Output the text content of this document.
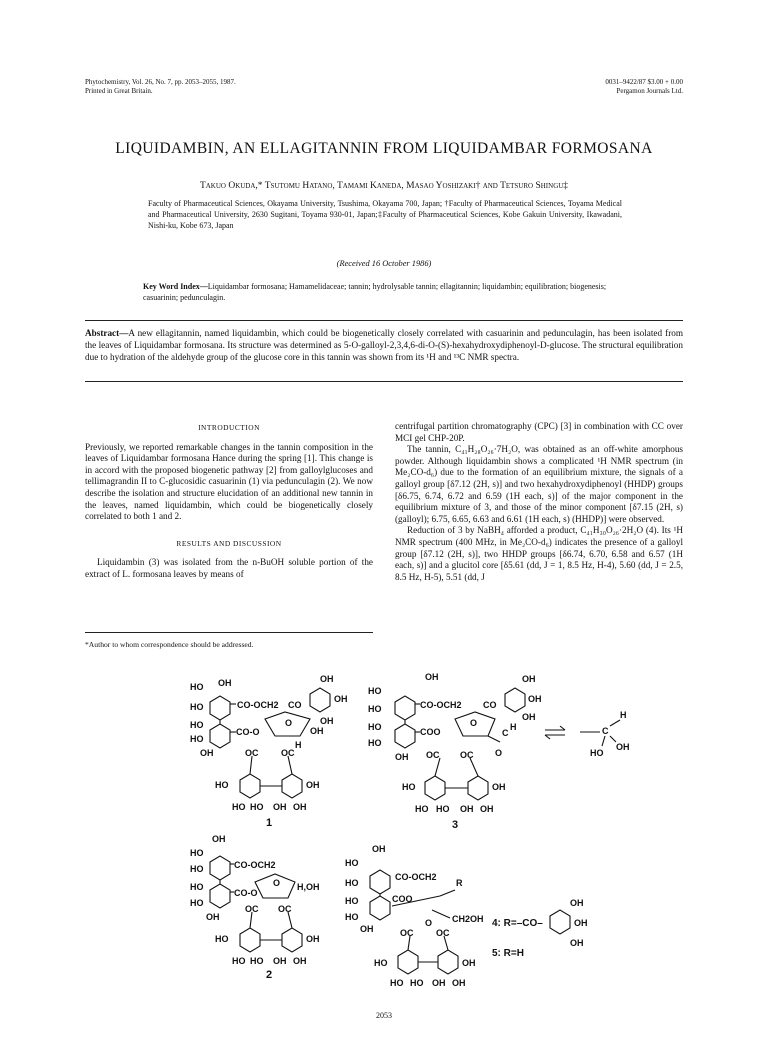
Phytochemistry, Vol. 26, No. 7, pp. 2053–2055, 1987.
Printed in Great Britain.
0031–9422/87 $3.00 + 0.00
Pergamon Journals Ltd.
LIQUIDAMBIN, AN ELLAGITANNIN FROM LIQUIDAMBAR FORMOSANA
Takuo Okuda,* Tsutomu Hatano, Tamami Kaneda, Masao Yoshizaki† and Tetsuro Shingu‡
Faculty of Pharmaceutical Sciences, Okayama University, Tsushima, Okayama 700, Japan; †Faculty of Pharmaceutical Sciences, Toyama Medical and Pharmaceutical University, 2630 Sugitani, Toyama 930-01, Japan;‡Faculty of Pharmaceutical Sciences, Kobe Gakuin University, Ikawadani, Nishi-ku, Kobe 673, Japan
(Received 16 October 1986)
Key Word Index—Liquidambar formosana; Hamamelidaceae; tannin; hydrolysable tannin; ellagitannin; liquidambin; equilibration; biogenesis; casuarinin; pedunculagin.
Abstract—A new ellagitannin, named liquidambin, which could be biogenetically closely correlated with casuarinin and pedunculagin, has been isolated from the leaves of Liquidambar formosana. Its structure was determined as 5-O-galloyl-2,3,4,6-di-O-(S)-hexahydroxydiphenoyl-D-glucose. The structural equilibration due to hydration of the aldehyde group of the glucose core in this tannin was shown from its ¹H and ¹³C NMR spectra.

INTRODUCTION

Previously, we reported remarkable changes in the tannin composition in the leaves of Liquidambar formosana Hance during the spring [1]. This change is in accord with the proposed biogenetic pathway [2] from galloylglucoses and tellimagrandin II to C-glucosidic casuarinin (1) via pedunculagin (2). We now describe the isolation and structure elucidation of an additional new tannin in the leaves, named liquidambin, which could be biogenetically closely correlated to both 1 and 2.

RESULTS AND DISCUSSION

Liquidambin (3) was isolated from the n-BuOH soluble portion of the extract of L. formosana leaves by means of

*Author to whom correspondence should be addressed.

centrifugal partition chromatography (CPC) [3] in combination with CC over MCI gel CHP-20P.

The tannin, C₄₁H₂₈O₂₆·7H₂O, was obtained as an off-white amorphous powder. Although liquidambin shows a complicated ¹H NMR spectrum (in Me₂CO-d₆) due to the formation of an equilibrium mixture, the signals of a galloyl group [δ7.12 (2H, s)] and two hexahydroxydiphenoyl (HHDP) groups [δ6.75, 6.74, 6.72 and 6.59 (1H each, s)] of the major component in the equilibrium mixture of 3, and those of the minor component [δ7.15 (2H, s) (galloyl); 6.75, 6.65, 6.63 and 6.61 (1H each, s) (HHDP)] were observed.

Reduction of 3 by NaBH₄ afforded a product, C₄₁H₃₀O₂₆·2H₂O (4). Its ¹H NMR spectrum (400 MHz, in Me₂CO-d₆) indicates the presence of a galloyl group [δ7.12 (2H, s)], two HHDP groups [δ6.74, 6.70, 6.58 and 6.57 (1H each, s)] and a glucitol core [δ5.61 (dd, J = 1, 8.5 Hz, H-4), 5.60 (dd, J = 2.5, 8.5 Hz, H-5), 5.51 (dd, J

HO OH
HO	CO-OCH2
HO
CO-O
HO
OH
CO
OH
OH
OH
O
OH
H
OC	OC
HO	OH
HO HO OH OH
1
OH
HO
HO	CO-OCH2
HO	COO
HO
OH
CO
OH
OH
OH
O
C
H
O
OC OC
C
H
OH
HO
HO	OH
HO HO OH OH
3
OH
HO
HO	CO-OCH2
HO
CO-O
HO
OH
O H,OH
OC OC
HO	OH
HO HO OH OH
2
OH
HO
HO
CO-OCH2
R
HO	COO
HO
OH
O CH2OH
OC	OC
HO	OH
HO HO OH OH
4: R=–CO–
OH
OH
OH
5: R=H
2053
